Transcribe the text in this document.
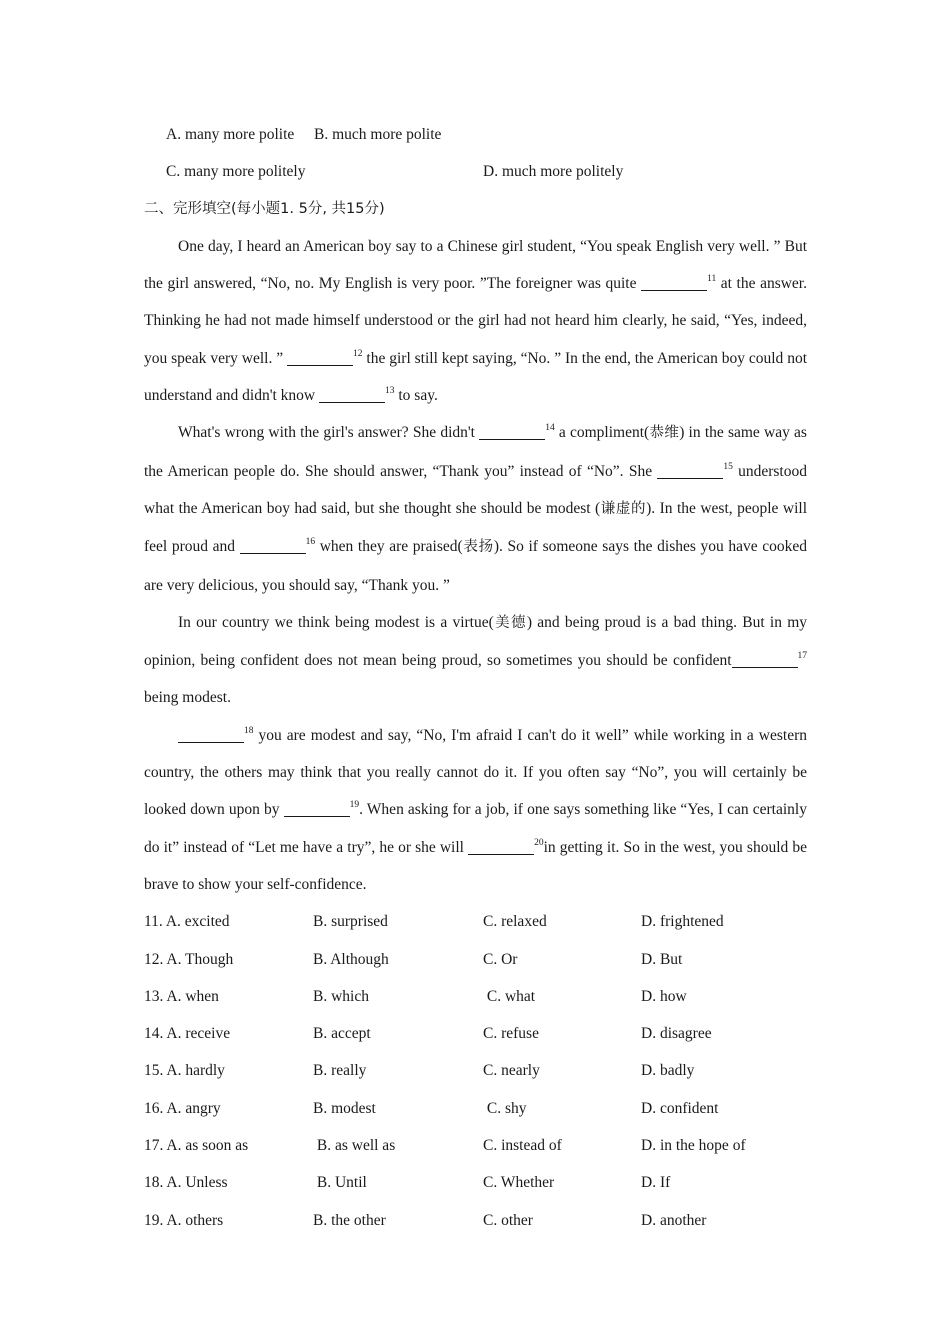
A. many more polite B. much more polite
C. many more politely	D. much more politely
二、完形填空(每小题1. 5分, 共15分)

One day, I heard an American boy say to a Chinese girl student, “You speak English very well. ” But the girl answered, “No, no. My English is very poor. ”The foreigner was quite	$^{11}$ at the answer. Thinking he had not made himself understood or the girl had not heard him clearly, he said, “Yes, indeed, you speak very well. ”	$^{12}$ the girl still kept saying, “No. ” In the end, the American boy could not understand and didn't know	$^{13}$ to say.

What's wrong with the girl's answer? She didn't	$^{14}$ a compliment(恭维) in the same way as the American people do. She should answer, “Thank you” instead of “No”. She	$^{15}$ understood what the American boy had said, but she thought she should be modest (谦虚的). In the west, people will feel proud and	$^{16}$ when they are praised(表扬). So if someone says the dishes you have cooked are very delicious, you should say, “Thank you. ”

In our country we think being modest is a virtue(美德) and being proud is a bad thing. But in my opinion, being confident does not mean being proud, so sometimes you should be confident	$^{17}$ being modest.

$^{18}$ you are modest and say, “No, I'm afraid I can't do it well” while working in a western country, the others may think that you really cannot do it. If you often say “No”, you will certainly be looked down upon by	$^{19}$. When asking for a job, if one says something like “Yes, I can certainly do it” instead of “Let me have a try”, he or she will	$^{20}$in getting it. So in the west, you should be brave to show your self-confidence.

11. A. excited	B. surprised	C. relaxed	D. frightened
12. A. Though	B. Although	C. Or	D. But
13. A. when	B. which	C. what	D. how
14. A. receive	B. accept	C. refuse	D. disagree
15. A. hardly	B. really	C. nearly	D. badly
16. A. angry	B. modest	C. shy	D. confident
17. A. as soon as	B. as well as	C. instead of	D. in the hope of
18. A. Unless	B. Until	C. Whether	D. If
19. A. others	B. the other	C. other	D. another
